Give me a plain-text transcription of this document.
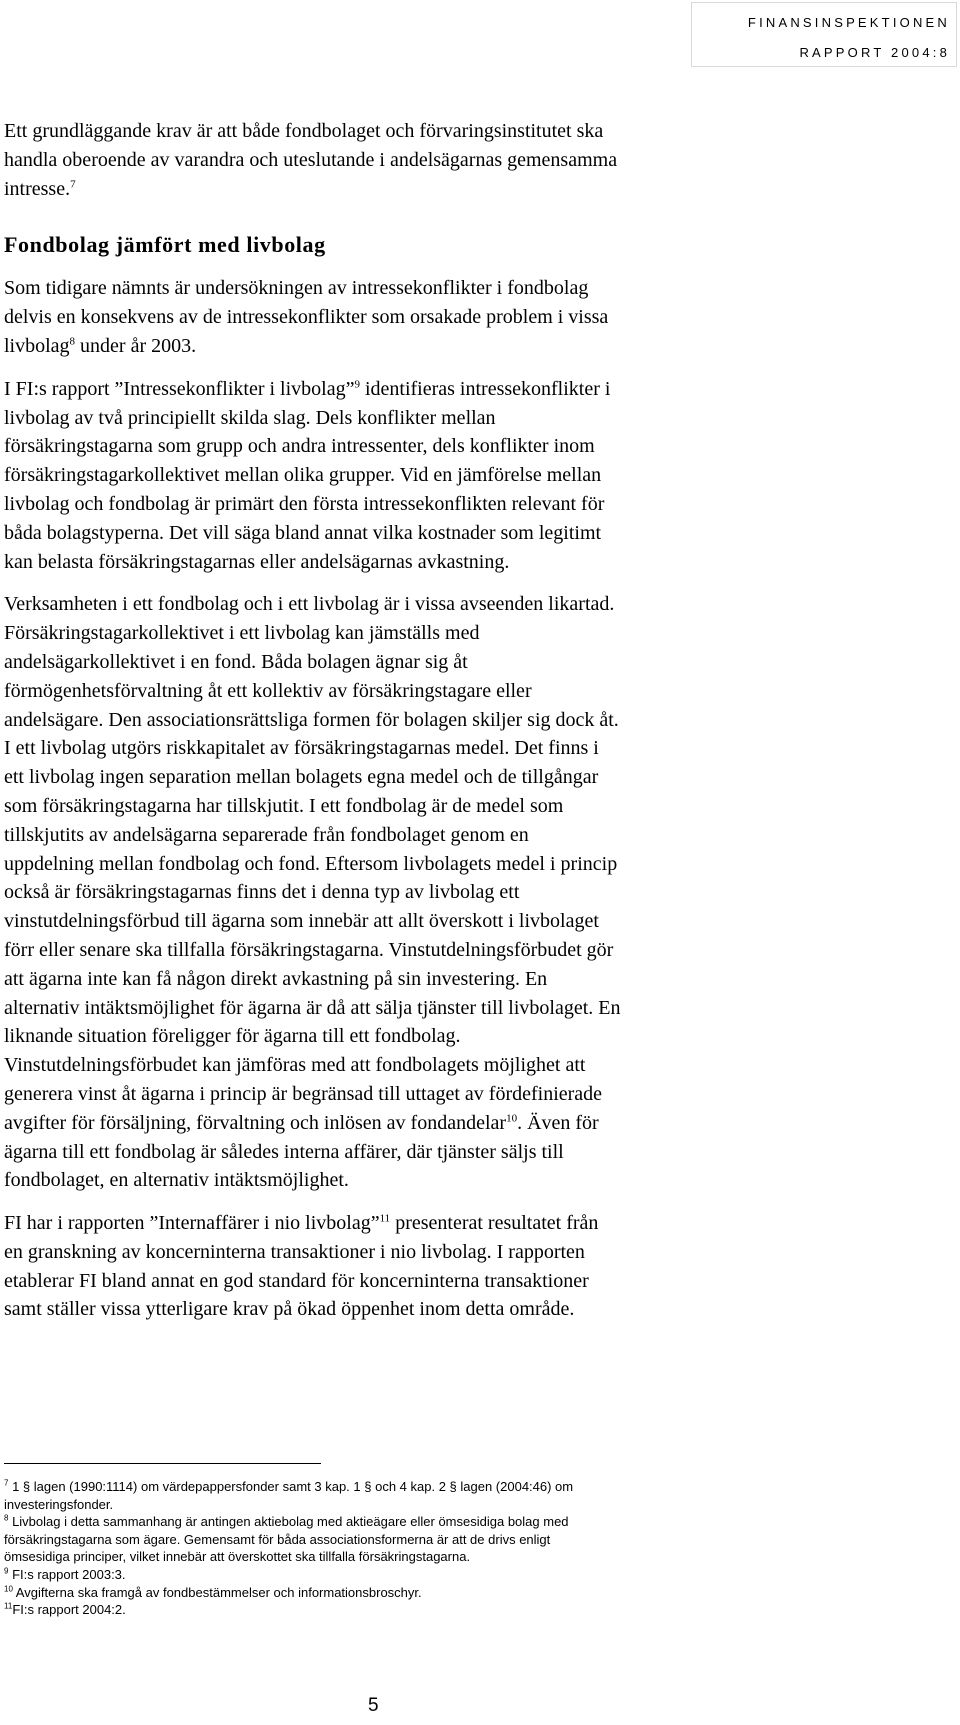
FINANSINSPEKTIONEN
RAPPORT 2004:8

Ett grundläggande krav är att både fondbolaget och förvaringsinstitutet ska
handla oberoende av varandra och uteslutande i andelsägarnas gemensamma
intresse.$^7$

Fondbolag jämfört med livbolag

Som tidigare nämnts är undersökningen av intressekonflikter i fondbolag
delvis en konsekvens av de intressekonflikter som orsakade problem i vissa
livbolag$^8$ under år 2003.

I FI:s rapport ”Intressekonflikter i livbolag”$^9$ identifieras intressekonflikter i
livbolag av två principiellt skilda slag. Dels konflikter mellan
försäkringstagarna som grupp och andra intressenter, dels konflikter inom
försäkringstagarkollektivet mellan olika grupper. Vid en jämförelse mellan
livbolag och fondbolag är primärt den första intressekonflikten relevant för
båda bolagstyperna. Det vill säga bland annat vilka kostnader som legitimt
kan belasta försäkringstagarnas eller andelsägarnas avkastning.

Verksamheten i ett fondbolag och i ett livbolag är i vissa avseenden likartad.
Försäkringstagarkollektivet i ett livbolag kan jämställs med
andelsägarkollektivet i en fond. Båda bolagen ägnar sig åt
förmögenhetsförvaltning åt ett kollektiv av försäkringstagare eller
andelsägare. Den associationsrättsliga formen för bolagen skiljer sig dock åt.
I ett livbolag utgörs riskkapitalet av försäkringstagarnas medel. Det finns i
ett livbolag ingen separation mellan bolagets egna medel och de tillgångar
som försäkringstagarna har tillskjutit. I ett fondbolag är de medel som
tillskjutits av andelsägarna separerade från fondbolaget genom en
uppdelning mellan fondbolag och fond. Eftersom livbolagets medel i princip
också är försäkringstagarnas finns det i denna typ av livbolag ett
vinstutdelningsförbud till ägarna som innebär att allt överskott i livbolaget
förr eller senare ska tillfalla försäkringstagarna. Vinstutdelningsförbudet gör
att ägarna inte kan få någon direkt avkastning på sin investering. En
alternativ intäktsmöjlighet för ägarna är då att sälja tjänster till livbolaget. En
liknande situation föreligger för ägarna till ett fondbolag.
Vinstutdelningsförbudet kan jämföras med att fondbolagets möjlighet att
generera vinst åt ägarna i princip är begränsad till uttaget av fördefinierade
avgifter för försäljning, förvaltning och inlösen av fondandelar$^{10}$. Även för
ägarna till ett fondbolag är således interna affärer, där tjänster säljs till
fondbolaget, en alternativ intäktsmöjlighet.

FI har i rapporten ”Internaffärer i nio livbolag”$^{11}$ presenterat resultatet från
en granskning av koncerninterna transaktioner i nio livbolag. I rapporten
etablerar FI bland annat en god standard för koncerninterna transaktioner
samt ställer vissa ytterligare krav på ökad öppenhet inom detta område.

$^7$ 1 § lagen (1990:1114) om värdepappersfonder samt 3 kap. 1 § och 4 kap. 2 § lagen (2004:46) om
investeringsfonder.

$^8$ Livbolag i detta sammanhang är antingen aktiebolag med aktieägare eller ömsesidiga bolag med
försäkringstagarna som ägare. Gemensamt för båda associationsformerna är att de drivs enligt
ömsesidiga principer, vilket innebär att överskottet ska tillfalla försäkringstagarna.

$^9$ FI:s rapport 2003:3.

$^{10}$ Avgifterna ska framgå av fondbestämmelser och informationsbroschyr.

$^{11}$FI:s rapport 2004:2.

5
